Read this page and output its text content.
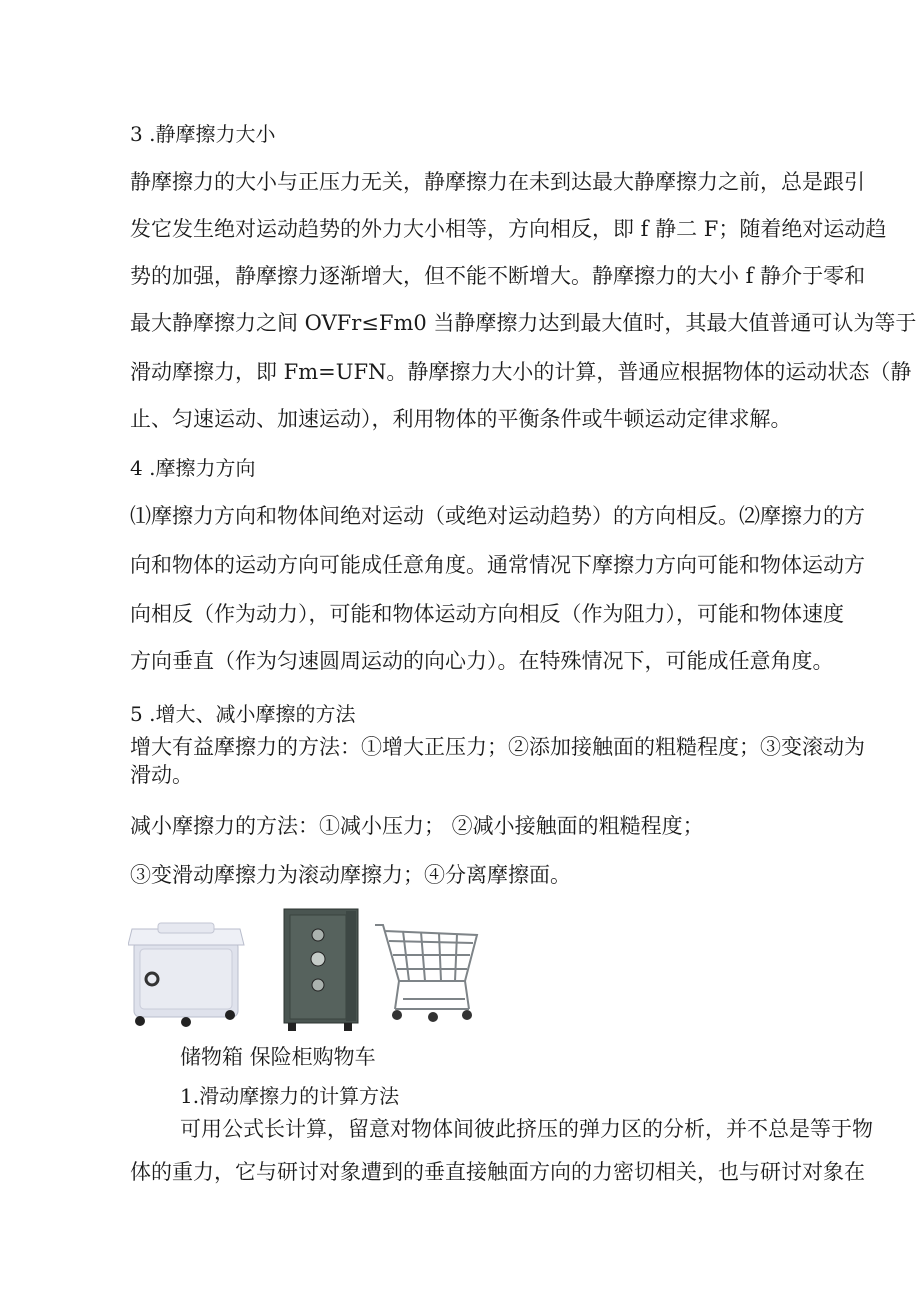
3 .静摩擦力大小
静摩擦力的大小与正压力无关，静摩擦力在未到达最大静摩擦力之前，总是跟引
发它发生绝对运动趋势的外力大小相等，方向相反，即 f 静二 F；随着绝对运动趋
势的加强，静摩擦力逐渐增大，但不能不断增大。静摩擦力的大小 f 静介于零和
最大静摩擦力之间 OVFr≤Fm0 当静摩擦力达到最大值时，其最大值普通可认为等于
滑动摩擦力，即 Fm=UFN。静摩擦力大小的计算，普通应根据物体的运动状态（静
止、匀速运动、加速运动），利用物体的平衡条件或牛顿运动定律求解。
4 .摩擦力方向
⑴摩擦力方向和物体间绝对运动（或绝对运动趋势）的方向相反。⑵摩擦力的方
向和物体的运动方向可能成任意角度。通常情况下摩擦力方向可能和物体运动方
向相反（作为动力），可能和物体运动方向相反（作为阻力），可能和物体速度
方向垂直（作为匀速圆周运动的向心力）。在特殊情况下，可能成任意角度。
5 .增大、减小摩擦的方法
增大有益摩擦力的方法：①增大正压力；②添加接触面的粗糙程度；③变滚动为
滑动。
减小摩擦力的方法：①减小压力； ②减小接触面的粗糙程度；
③变滑动摩擦力为滚动摩擦力；④分离摩擦面。
储物箱 保险柜购物车
1.滑动摩擦力的计算方法
可用公式长计算，留意对物体间彼此挤压的弹力区的分析，并不总是等于物
体的重力，它与研讨对象遭到的垂直接触面方向的力密切相关，也与研讨对象在
